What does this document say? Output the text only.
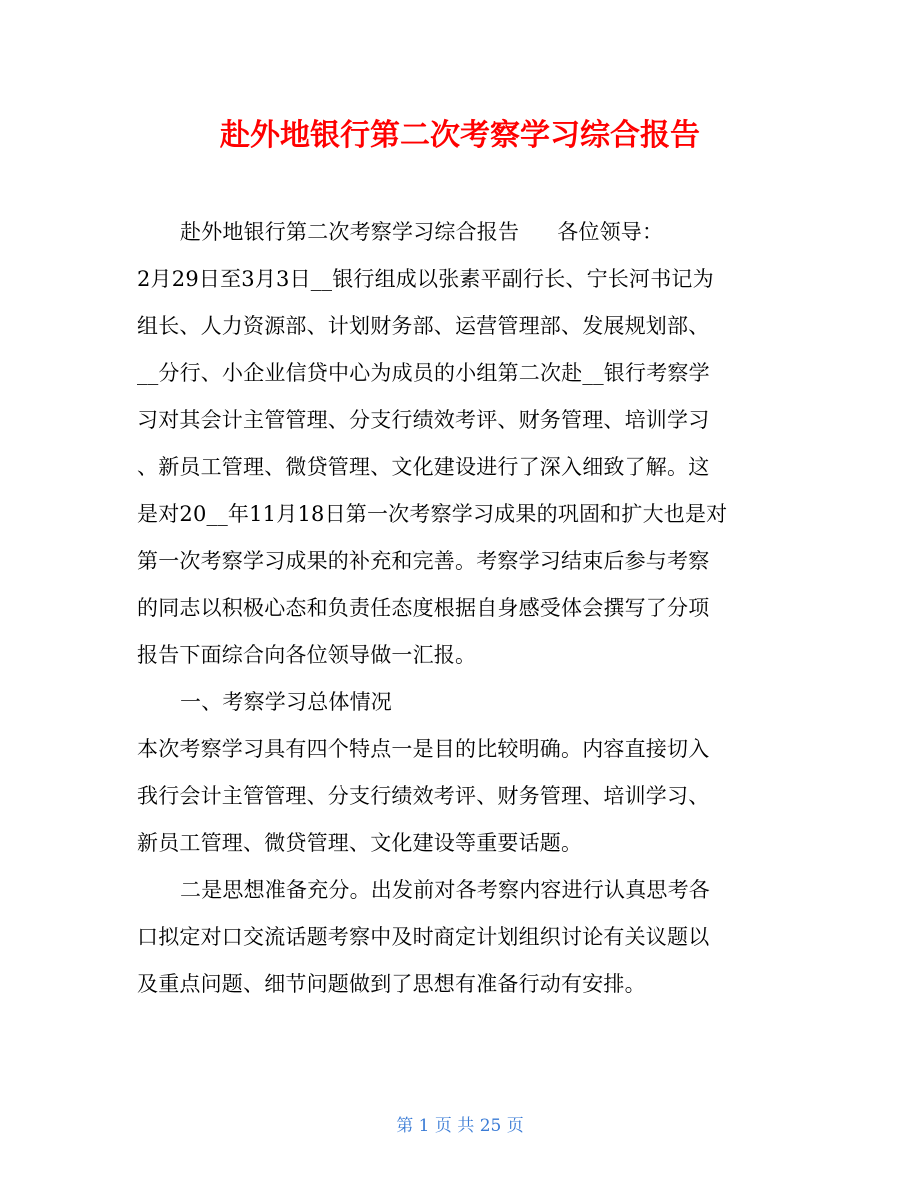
赴外地银行第二次考察学习综合报告
赴外地银行第二次考察学习综合报告 各位领导：
2月29日至3月3日__银行组成以张素平副行长、宁长河书记为
组长、人力资源部、计划财务部、运营管理部、发展规划部、
__分行、小企业信贷中心为成员的小组第二次赴__银行考察学
习对其会计主管管理、分支行绩效考评、财务管理、培训学习
、新员工管理、微贷管理、文化建设进行了深入细致了解。这
是对20__年11月18日第一次考察学习成果的巩固和扩大也是对
第一次考察学习成果的补充和完善。考察学习结束后参与考察
的同志以积极心态和负责任态度根据自身感受体会撰写了分项
报告下面综合向各位领导做一汇报。
一、考察学习总体情况
本次考察学习具有四个特点一是目的比较明确。内容直接切入
我行会计主管管理、分支行绩效考评、财务管理、培训学习、
新员工管理、微贷管理、文化建设等重要话题。
二是思想准备充分。出发前对各考察内容进行认真思考各
口拟定对口交流话题考察中及时商定计划组织讨论有关议题以
及重点问题、细节问题做到了思想有准备行动有安排。
第 1 页 共 25 页
